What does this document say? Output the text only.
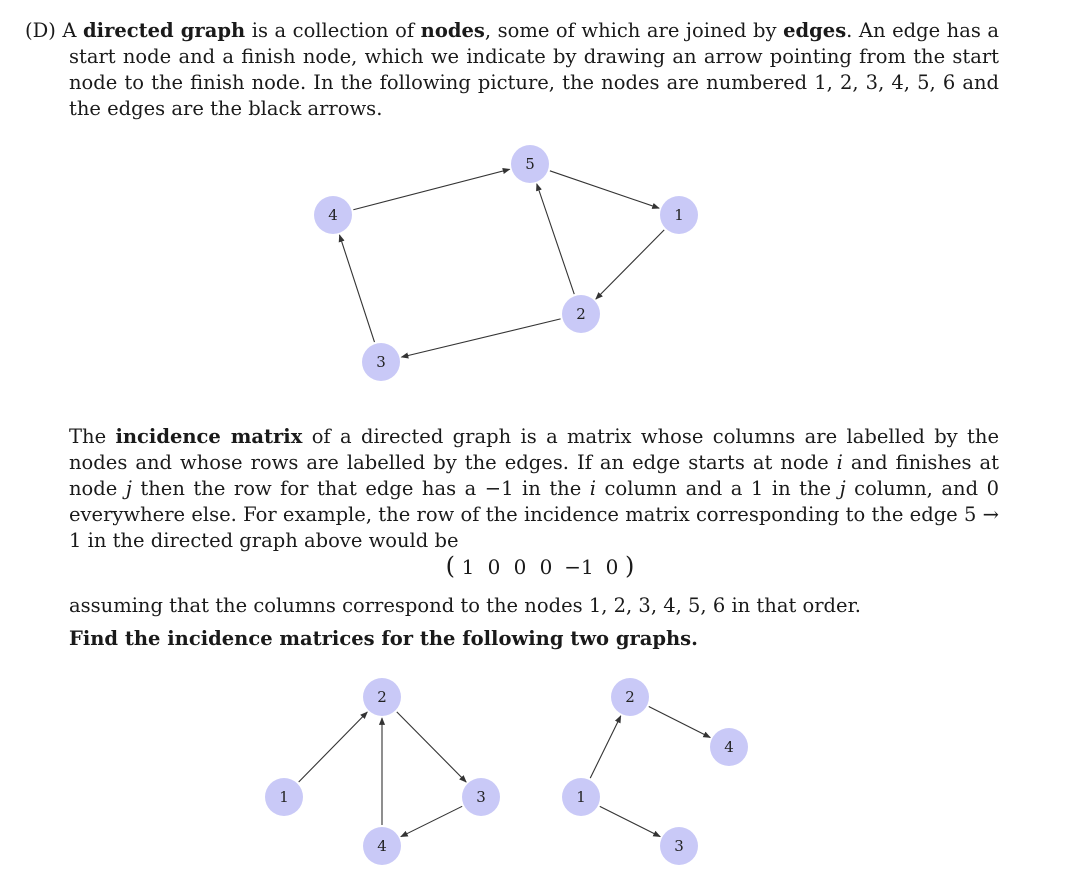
(D) A directed graph is a collection of nodes, some of which are joined by edges. An edge has a start node and a finish node, which we indicate by drawing an arrow pointing from the start node to the finish node. In the following picture, the nodes are numbered 1, 2, 3, 4, 5, 6 and the edges are the black arrows.
1
2
3
4
5
The incidence matrix of a directed graph is a matrix whose columns are labelled by the nodes and whose rows are labelled by the edges. If an edge starts at node i and finishes at node j then the row for that edge has a −1 in the i column and a 1 in the j column, and 0 everywhere else. For example, the row of the incidence matrix corresponding to the edge 5 → 1 in the directed graph above would be
( 1 0 0 0 −1 0 )
assuming that the columns correspond to the nodes 1, 2, 3, 4, 5, 6 in that order.
Find the incidence matrices for the following two graphs.
1
2
3
4
1
2
3
4
